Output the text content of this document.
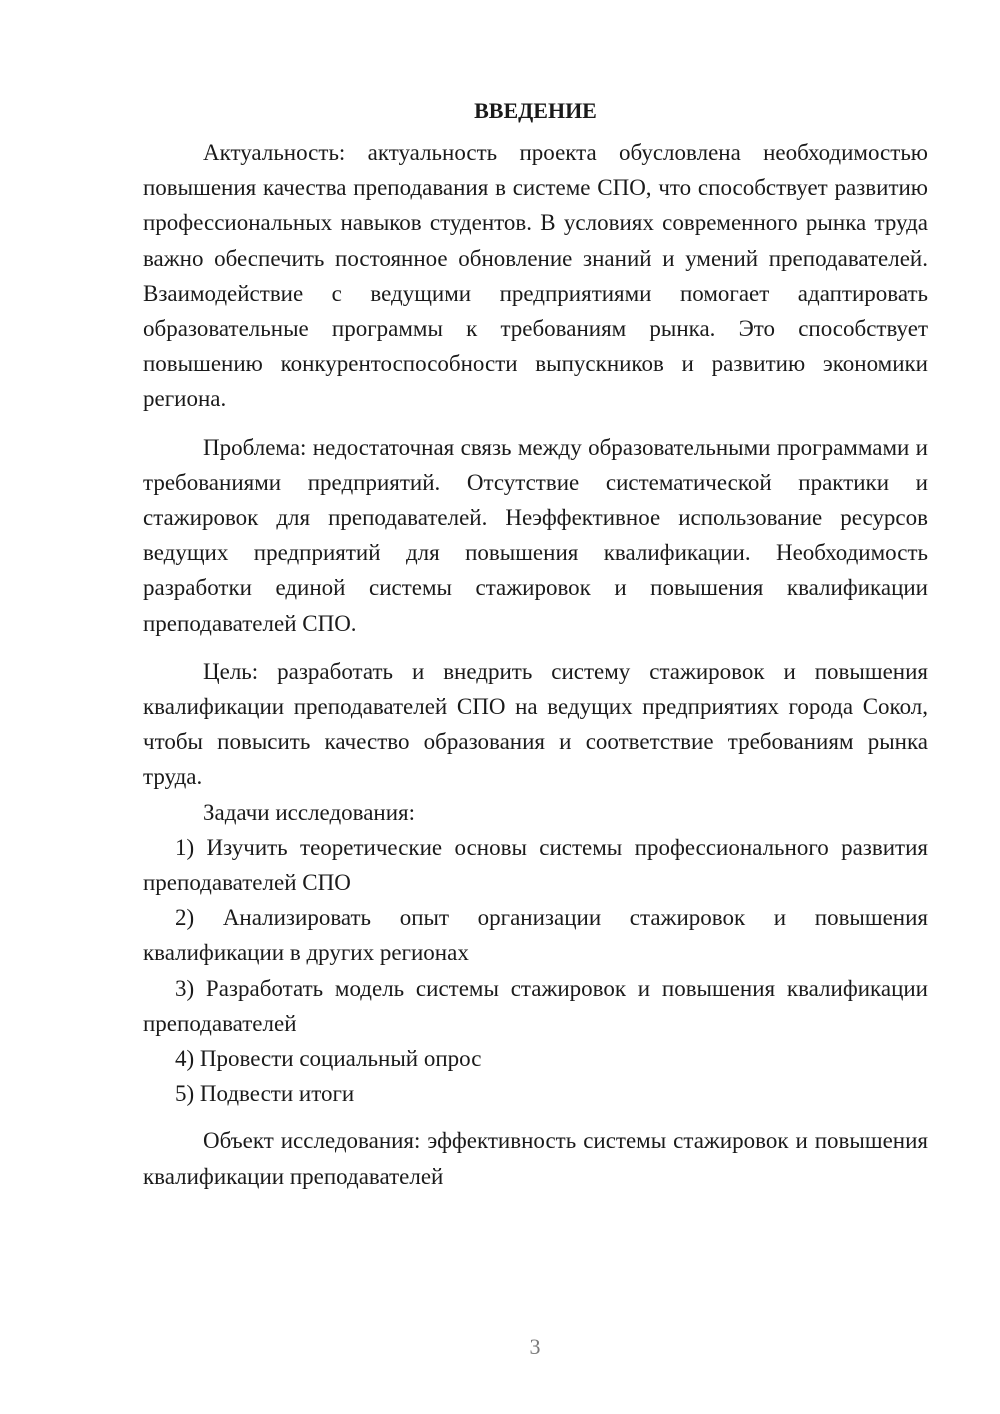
ВВЕДЕНИЕ

Актуальность: актуальность проекта обусловлена необходимостью повышения качества преподавания в системе СПО, что способствует развитию профессиональных навыков студентов. В условиях современного рынка труда важно обеспечить постоянное обновление знаний и умений преподавателей. Взаимодействие с ведущими предприятиями помогает адаптировать образовательные программы к требованиям рынка. Это способствует повышению конкурентоспособности выпускников и развитию экономики региона.

Проблема: недостаточная связь между образовательными программами и требованиями предприятий. Отсутствие систематической практики и стажировок для преподавателей. Неэффективное использование ресурсов ведущих предприятий для повышения квалификации. Необходимость разработки единой системы стажировок и повышения квалификации преподавателей СПО.

Цель: разработать и внедрить систему стажировок и повышения квалификации преподавателей СПО на ведущих предприятиях города Сокол, чтобы повысить качество образования и соответствие требованиям рынка труда.

Задачи исследования:

1) Изучить теоретические основы системы профессионального развития преподавателей СПО

2) Анализировать опыт организации стажировок и повышения квалификации в других регионах

3) Разработать модель системы стажировок и повышения квалификации преподавателей

4) Провести социальный опрос

5) Подвести итоги

Объект исследования: эффективность системы стажировок и повышения квалификации преподавателей

3
